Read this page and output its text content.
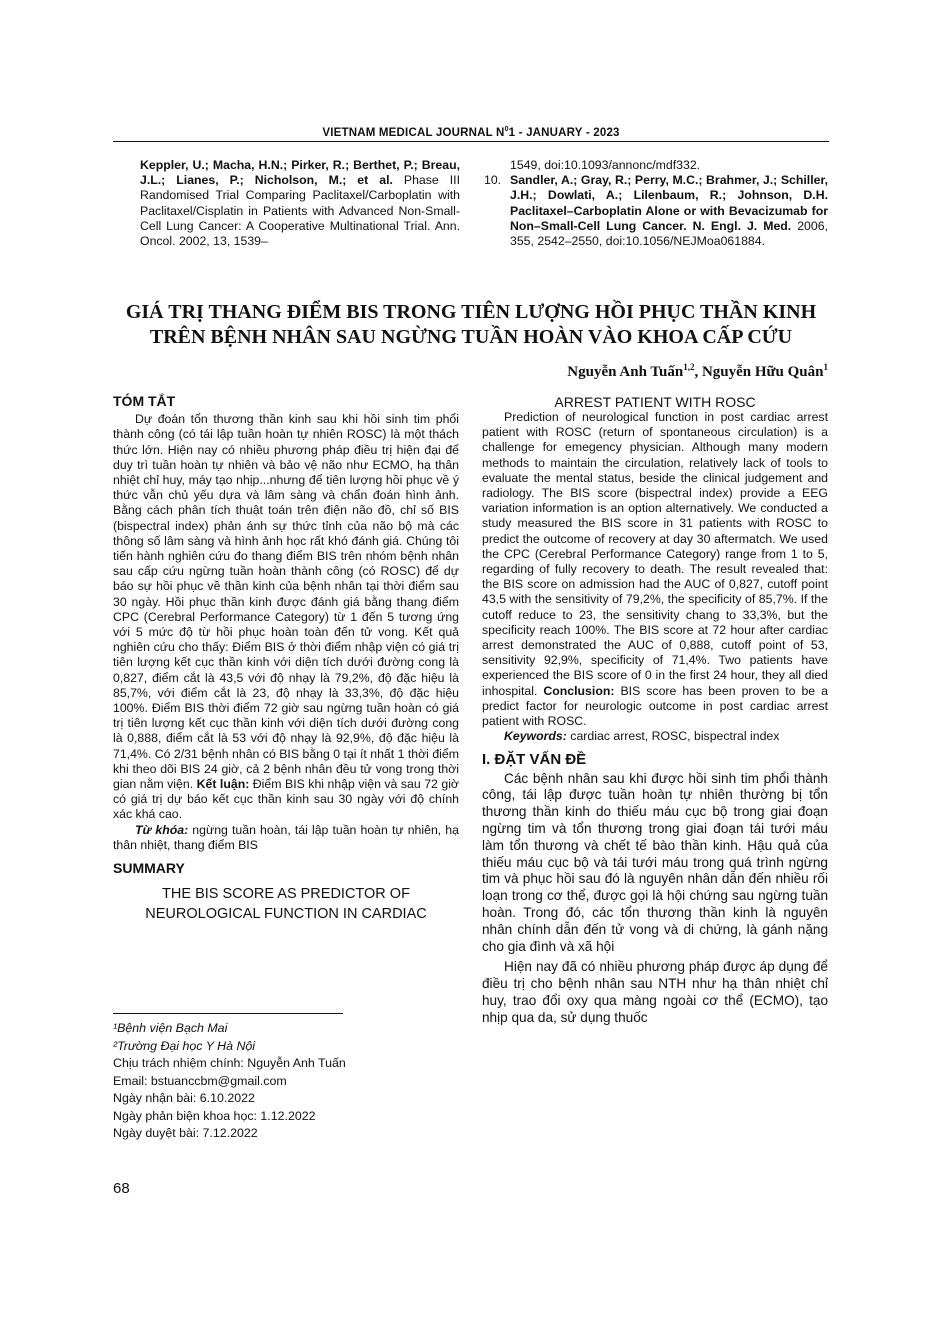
VIETNAM MEDICAL JOURNAL $N^01$ - JANUARY - 2023
Keppler, U.; Macha, H.N.; Pirker, R.; Berthet, P.; Breau, J.L.; Lianes, P.; Nicholson, M.; et al. Phase III Randomised Trial Comparing Paclitaxel/Carboplatin with Paclitaxel/Cisplatin in Patients with Advanced Non-Small-Cell Lung Cancer: A Cooperative Multinational Trial. Ann. Oncol. 2002, 13, 1539–

1549, doi:10.1093/annonc/mdf332.

10. Sandler, A.; Gray, R.; Perry, M.C.; Brahmer, J.; Schiller, J.H.; Dowlati, A.; Lilenbaum, R.; Johnson, D.H. Paclitaxel–Carboplatin Alone or with Bevacizumab for Non–Small-Cell Lung Cancer. N. Engl. J. Med. 2006, 355, 2542–2550, doi:10.1056/NEJMoa061884.

GIÁ TRỊ THANG ĐIỂM BIS TRONG TIÊN LƯỢNG HỒI PHỤC THẦN KINH
TRÊN BỆNH NHÂN SAU NGỪNG TUẦN HOÀN VÀO KHOA CẤP CỨU
Nguyễn Anh Tuấn$^{1,2}$, Nguyễn Hữu Quân$^1$
TÓM TẮT

Dự đoán tổn thương thần kinh sau khi hồi sinh tim phổi thành công (có tái lập tuần hoàn tự nhiên ROSC) là một thách thức lớn. Hiện nay có nhiều phương pháp điều trị hiện đại để duy trì tuần hoàn tự nhiên và bảo vệ não như ECMO, hạ thân nhiệt chỉ huy, máy tạo nhịp...nhưng để tiên lượng hồi phục về ý thức vẫn chủ yếu dựa và lâm sàng và chẩn đoán hình ảnh. Bằng cách phân tích thuật toán trên điện não đồ, chỉ số BIS (bispectral index) phản ánh sự thức tỉnh của não bộ mà các thông số lâm sàng và hình ảnh học rất khó đánh giá. Chúng tôi tiến hành nghiên cứu đo thang điểm BIS trên nhóm bệnh nhân sau cấp cứu ngừng tuần hoàn thành công (có ROSC) để dự báo sự hồi phục về thần kinh của bệnh nhân tại thời điểm sau 30 ngày. Hồi phục thần kinh được đánh giá bằng thang điểm CPC (Cerebral Performance Category) từ 1 đến 5 tương ứng với 5 mức độ từ hồi phục hoàn toàn đến tử vong. Kết quả nghiên cứu cho thấy: Điểm BIS ở thời điểm nhập viện có giá trị tiên lượng kết cục thần kinh với diện tích dưới đường cong là 0,827, điểm cắt là 43,5 với độ nhạy là 79,2%, độ đặc hiệu là 85,7%, với điểm cắt là 23, độ nhạy là 33,3%, độ đặc hiệu 100%. Điểm BIS thời điểm 72 giờ sau ngừng tuần hoàn có giá trị tiên lượng kết cục thần kinh với diện tích dưới đường cong là 0,888, điểm cắt là 53 với độ nhạy là 92,9%, độ đặc hiệu là 71,4%. Có 2/31 bệnh nhân có BIS bằng 0 tại ít nhất 1 thời điểm khi theo dõi BIS 24 giờ, cả 2 bệnh nhân đều tử vong trong thời gian nằm viện. Kết luận: Điểm BIS khi nhập viện và sau 72 giờ có giá trị dự báo kết cục thần kinh sau 30 ngày với độ chính xác khá cao.

Từ khóa: ngừng tuần hoàn, tái lập tuần hoàn tự nhiên, hạ thân nhiệt, thang điểm BIS

SUMMARY
THE BIS SCORE AS PREDICTOR OF NEUROLOGICAL FUNCTION IN CARDIAC
ARREST PATIENT WITH ROSC

Prediction of neurological function in post cardiac arrest patient with ROSC (return of spontaneous circulation) is a challenge for emegency physician. Although many modern methods to maintain the circulation, relatively lack of tools to evaluate the mental status, beside the clinical judgement and radiology. The BIS score (bispectral index) provide a EEG variation information is an option alternatively. We conducted a study measured the BIS score in 31 patients with ROSC to predict the outcome of recovery at day 30 aftermatch. We used the CPC (Cerebral Performance Category) range from 1 to 5, regarding of fully recovery to death. The result revealed that: the BIS score on admission had the AUC of 0,827, cutoff point 43,5 with the sensitivity of 79,2%, the specificity of 85,7%. If the cutoff reduce to 23, the sensitivity chang to 33,3%, but the specificity reach 100%. The BIS score at 72 hour after cardiac arrest demonstrated the AUC of 0,888, cutoff point of 53, sensitivity 92,9%, specificity of 71,4%. Two patients have experienced the BIS score of 0 in the first 24 hour, they all died inhospital. Conclusion: BIS score has been proven to be a predict factor for neurologic outcome in post cardiac arrest patient with ROSC.

Keywords: cardiac arrest, ROSC, bispectral index

I. ĐẶT VẤN ĐỀ

Các bệnh nhân sau khi được hồi sinh tim phổi thành công, tái lập được tuần hoàn tự nhiên thường bị tổn thương thần kinh do thiếu máu cục bộ trong giai đoạn ngừng tim và tổn thương trong giai đoạn tái tưới máu làm tổn thương và chết tế bào thần kinh. Hậu quả của thiếu máu cục bộ và tái tưới máu trong quá trình ngừng tim và phục hồi sau đó là nguyên nhân dẫn đến nhiều rối loạn trong cơ thể, được gọi là hội chứng sau ngừng tuần hoàn. Trong đó, các tổn thương thần kinh là nguyên nhân chính dẫn đến tử vong và di chứng, là gánh nặng cho gia đình và xã hội

Hiện nay đã có nhiều phương pháp được áp dụng để điều trị cho bệnh nhân sau NTH như hạ thân nhiệt chỉ huy, trao đổi oxy qua màng ngoài cơ thể (ECMO), tạo nhịp qua da, sử dụng thuốc

¹Bệnh viện Bạch Mai
²Trường Đại học Y Hà Nội
Chịu trách nhiệm chính: Nguyễn Anh Tuấn
Email: bstuanccbm@gmail.com
Ngày nhận bài: 6.10.2022
Ngày phản biện khoa học: 1.12.2022
Ngày duyệt bài: 7.12.2022
68
